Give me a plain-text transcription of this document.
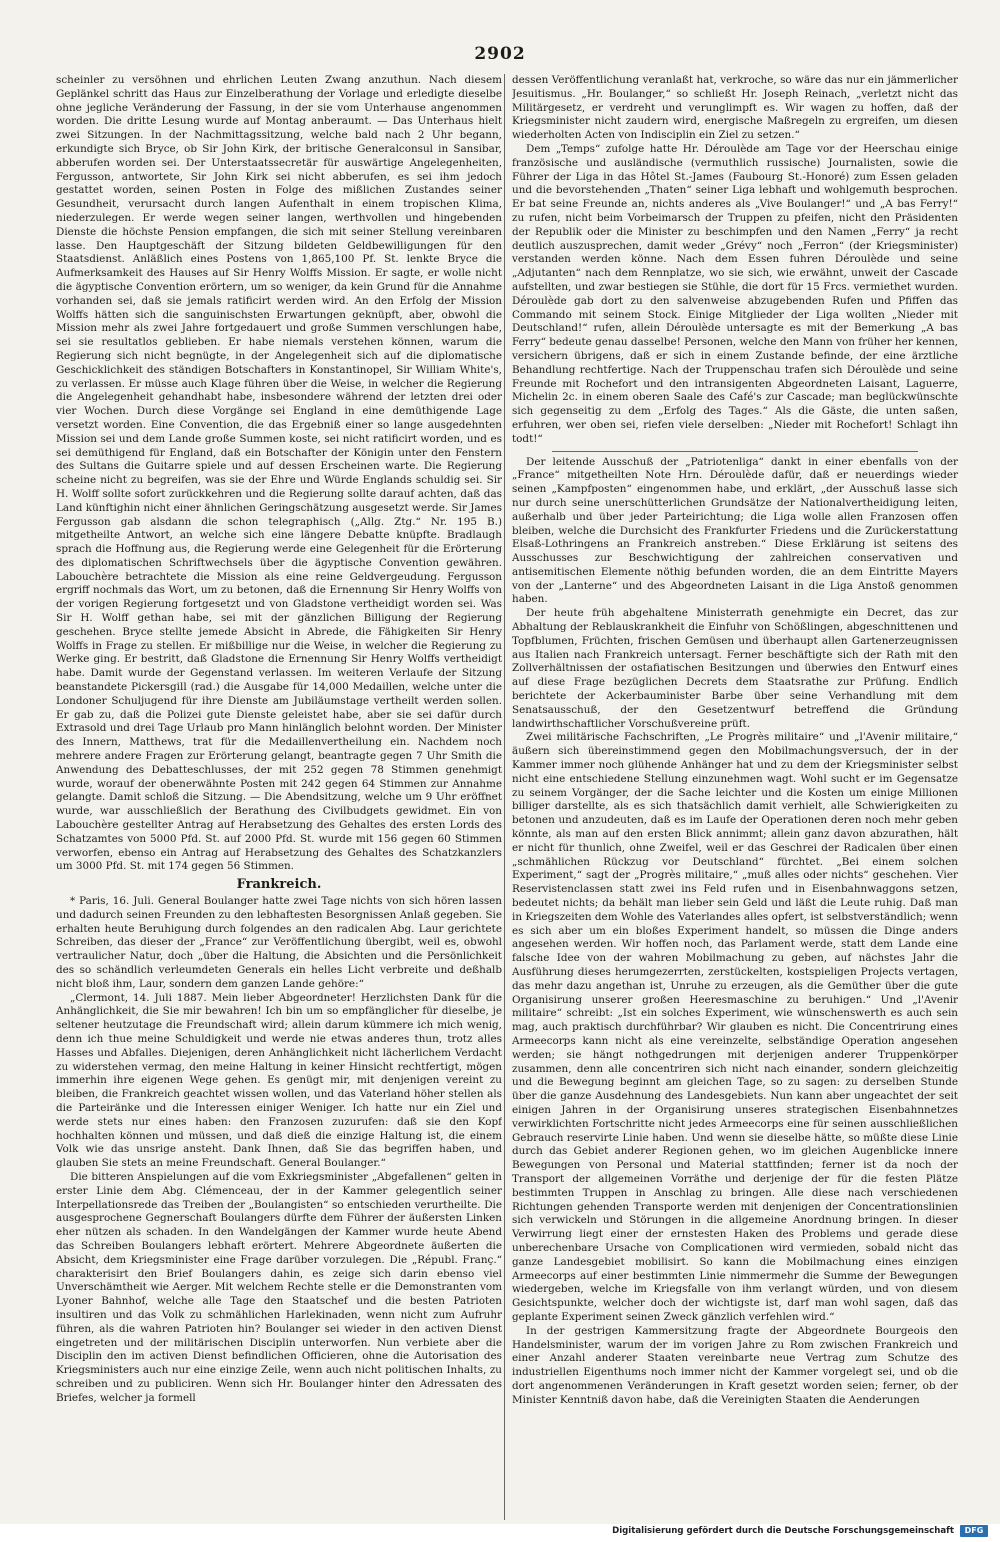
2902

scheinler zu versöhnen und ehrlichen Leuten Zwang anzuthun. Nach diesem Geplänkel schritt das Haus zur Einzelberathung der Vorlage und erledigte dieselbe ohne jegliche Veränderung der Fassung, in der sie vom Unterhause angenommen worden. Die dritte Lesung wurde auf Montag anberaumt. — Das Unterhaus hielt zwei Sitzungen. In der Nachmittagssitzung, welche bald nach 2 Uhr begann, erkundigte sich Bryce, ob Sir John Kirk, der britische Generalconsul in Sansibar, abberufen worden sei. Der Unterstaatssecretär für auswärtige Angelegenheiten, Fergusson, antwortete, Sir John Kirk sei nicht abberufen, es sei ihm jedoch gestattet worden, seinen Posten in Folge des mißlichen Zustandes seiner Gesundheit, verursacht durch langen Aufenthalt in einem tropischen Klima, niederzulegen. Er werde wegen seiner langen, werthvollen und hingebenden Dienste die höchste Pension empfangen, die sich mit seiner Stellung vereinbaren lasse. Den Hauptgeschäft der Sitzung bildeten Geldbewilligungen für den Staatsdienst. Anläßlich eines Postens von 1,865,100 Pf. St. lenkte Bryce die Aufmerksamkeit des Hauses auf Sir Henry Wolffs Mission. Er sagte, er wolle nicht die ägyptische Convention erörtern, um so weniger, da kein Grund für die Annahme vorhanden sei, daß sie jemals ratificirt werden wird. An den Erfolg der Mission Wolffs hätten sich die sanguinischsten Erwartungen geknüpft, aber, obwohl die Mission mehr als zwei Jahre fortgedauert und große Summen verschlungen habe, sei sie resultatlos geblieben. Er habe niemals verstehen können, warum die Regierung sich nicht begnügte, in der Angelegenheit sich auf die diplomatische Geschicklichkeit des ständigen Botschafters in Konstantinopel, Sir William White's, zu verlassen. Er müsse auch Klage führen über die Weise, in welcher die Regierung die Angelegenheit gehandhabt habe, insbesondere während der letzten drei oder vier Wochen. Durch diese Vorgänge sei England in eine demüthigende Lage versetzt worden. Eine Convention, die das Ergebniß einer so lange ausgedehnten Mission sei und dem Lande große Summen koste, sei nicht ratificirt worden, und es sei demüthigend für England, daß ein Botschafter der Königin unter den Fenstern des Sultans die Guitarre spiele und auf dessen Erscheinen warte. Die Regierung scheine nicht zu begreifen, was sie der Ehre und Würde Englands schuldig sei. Sir H. Wolff sollte sofort zurückkehren und die Regierung sollte darauf achten, daß das Land künftighin nicht einer ähnlichen Geringschätzung ausgesetzt werde. Sir James Fergusson gab alsdann die schon telegraphisch („Allg. Ztg.“ Nr. 195 B.) mitgetheilte Antwort, an welche sich eine längere Debatte knüpfte. Bradlaugh sprach die Hoffnung aus, die Regierung werde eine Gelegenheit für die Erörterung des diplomatischen Schriftwechsels über die ägyptische Convention gewähren. Labouchère betrachtete die Mission als eine reine Geldvergeudung. Fergusson ergriff nochmals das Wort, um zu betonen, daß die Ernennung Sir Henry Wolffs von der vorigen Regierung fortgesetzt und von Gladstone vertheidigt worden sei. Was Sir H. Wolff gethan habe, sei mit der gänzlichen Billigung der Regierung geschehen. Bryce stellte jemede Absicht in Abrede, die Fähigkeiten Sir Henry Wolffs in Frage zu stellen. Er mißbillige nur die Weise, in welcher die Regierung zu Werke ging. Er bestritt, daß Gladstone die Ernennung Sir Henry Wolffs vertheidigt habe. Damit wurde der Gegenstand verlassen. Im weiteren Verlaufe der Sitzung beanstandete Pickersgill (rad.) die Ausgabe für 14,000 Medaillen, welche unter die Londoner Schuljugend für ihre Dienste am Jubiläumstage vertheilt werden sollen. Er gab zu, daß die Polizei gute Dienste geleistet habe, aber sie sei dafür durch Extrasold und drei Tage Urlaub pro Mann hinlänglich belohnt worden. Der Minister des Innern, Matthews, trat für die Medaillenvertheilung ein. Nachdem noch mehrere andere Fragen zur Erörterung gelangt, beantragte gegen 7 Uhr Smith die Anwendung des Debatteschlusses, der mit 252 gegen 78 Stimmen genehmigt wurde, worauf der obenerwähnte Posten mit 242 gegen 64 Stimmen zur Annahme gelangte. Damit schloß die Sitzung. — Die Abendsitzung, welche um 9 Uhr eröffnet wurde, war ausschließlich der Berathung des Civilbudgets gewidmet. Ein von Labouchère gestellter Antrag auf Herabsetzung des Gehaltes des ersten Lords des Schatzamtes von 5000 Pfd. St. auf 2000 Pfd. St. wurde mit 156 gegen 60 Stimmen verworfen, ebenso ein Antrag auf Herabsetzung des Gehaltes des Schatzkanzlers um 3000 Pfd. St. mit 174 gegen 56 Stimmen.

Frankreich.

* Paris, 16. Juli. General Boulanger hatte zwei Tage nichts von sich hören lassen und dadurch seinen Freunden zu den lebhaftesten Besorgnissen Anlaß gegeben. Sie erhalten heute Beruhigung durch folgendes an den radicalen Abg. Laur gerichtete Schreiben, das dieser der „France“ zur Veröffentlichung übergibt, weil es, obwohl vertraulicher Natur, doch „über die Haltung, die Absichten und die Persönlichkeit des so schändlich verleumdeten Generals ein helles Licht verbreite und deßhalb nicht bloß ihm, Laur, sondern dem ganzen Lande gehöre:“

„Clermont, 14. Juli 1887. Mein lieber Abgeordneter! Herzlichsten Dank für die Anhänglichkeit, die Sie mir bewahren! Ich bin um so empfänglicher für dieselbe, je seltener heutzutage die Freundschaft wird; allein darum kümmere ich mich wenig, denn ich thue meine Schuldigkeit und werde nie etwas anderes thun, trotz alles Hasses und Abfalles. Diejenigen, deren Anhänglichkeit nicht lächerlichem Verdacht zu widerstehen vermag, den meine Haltung in keiner Hinsicht rechtfertigt, mögen immerhin ihre eigenen Wege gehen. Es genügt mir, mit denjenigen vereint zu bleiben, die Frankreich geachtet wissen wollen, und das Vaterland höher stellen als die Parteiränke und die Interessen einiger Weniger. Ich hatte nur ein Ziel und werde stets nur eines haben: den Franzosen zuzurufen: daß sie den Kopf hochhalten können und müssen, und daß dieß die einzige Haltung ist, die einem Volk wie das unsrige ansteht. Dank Ihnen, daß Sie das begriffen haben, und glauben Sie stets an meine Freundschaft. General Boulanger.“

Die bitteren Anspielungen auf die vom Exkriegsminister „Abgefallenen“ gelten in erster Linie dem Abg. Clémenceau, der in der Kammer gelegentlich seiner Interpellationsrede das Treiben der „Boulangisten“ so entschieden verurtheilte. Die ausgesprochene Gegnerschaft Boulangers dürfte dem Führer der äußersten Linken eher nützen als schaden. In den Wandelgängen der Kammer wurde heute Abend das Schreiben Boulangers lebhaft erörtert. Mehrere Abgeordnete äußerten die Absicht, dem Kriegsminister eine Frage darüber vorzulegen. Die „Républ. Franç.“ charakterisirt den Brief Boulangers dahin, es zeige sich darin ebenso viel Unverschämtheit wie Aerger. Mit welchem Rechte stelle er die Demonstranten vom Lyoner Bahnhof, welche alle Tage den Staatschef und die besten Patrioten insultiren und das Volk zu schmählichen Harlekinaden, wenn nicht zum Aufruhr führen, als die wahren Patrioten hin? Boulanger sei wieder in den activen Dienst eingetreten und der militärischen Disciplin unterworfen. Nun verbiete aber die Disciplin den im activen Dienst befindlichen Officieren, ohne die Autorisation des Kriegsministers auch nur eine einzige Zeile, wenn auch nicht politischen Inhalts, zu schreiben und zu publiciren. Wenn sich Hr. Boulanger hinter den Adressaten des Briefes, welcher ja formell

dessen Veröffentlichung veranlaßt hat, verkroche, so wäre das nur ein jämmerlicher Jesuitismus. „Hr. Boulanger,“ so schließt Hr. Joseph Reinach, „verletzt nicht das Militärgesetz, er verdreht und verunglimpft es. Wir wagen zu hoffen, daß der Kriegsminister nicht zaudern wird, energische Maßregeln zu ergreifen, um diesen wiederholten Acten von Indisciplin ein Ziel zu setzen.“

Dem „Temps“ zufolge hatte Hr. Déroulède am Tage vor der Heerschau einige französische und ausländische (vermuthlich russische) Journalisten, sowie die Führer der Liga in das Hôtel St.-James (Faubourg St.-Honoré) zum Essen geladen und die bevorstehenden „Thaten“ seiner Liga lebhaft und wohlgemuth besprochen. Er bat seine Freunde an, nichts anderes als „Vive Boulanger!“ und „A bas Ferry!“ zu rufen, nicht beim Vorbeimarsch der Truppen zu pfeifen, nicht den Präsidenten der Republik oder die Minister zu beschimpfen und den Namen „Ferry“ ja recht deutlich auszusprechen, damit weder „Grévy“ noch „Ferron“ (der Kriegsminister) verstanden werden könne. Nach dem Essen fuhren Déroulède und seine „Adjutanten“ nach dem Rennplatze, wo sie sich, wie erwähnt, unweit der Cascade aufstellten, und zwar bestiegen sie Stühle, die dort für 15 Frcs. vermiethet wurden. Déroulède gab dort zu den salvenweise abzugebenden Rufen und Pfiffen das Commando mit seinem Stock. Einige Mitglieder der Liga wollten „Nieder mit Deutschland!“ rufen, allein Déroulède untersagte es mit der Bemerkung „A bas Ferry“ bedeute genau dasselbe! Personen, welche den Mann von früher her kennen, versichern übrigens, daß er sich in einem Zustande befinde, der eine ärztliche Behandlung rechtfertige. Nach der Truppenschau trafen sich Déroulède und seine Freunde mit Rochefort und den intransigenten Abgeordneten Laisant, Laguerre, Michelin 2c. in einem oberen Saale des Café's zur Cascade; man beglückwünschte sich gegenseitig zu dem „Erfolg des Tages.“ Als die Gäste, die unten saßen, erfuhren, wer oben sei, riefen viele derselben: „Nieder mit Rochefort! Schlagt ihn todt!“

Der leitende Ausschuß der „Patriotenliga“ dankt in einer ebenfalls von der „France“ mitgetheilten Note Hrn. Déroulède dafür, daß er neuerdings wieder seinen „Kampfposten“ eingenommen habe, und erklärt, „der Ausschuß lasse sich nur durch seine unerschütterlichen Grundsätze der Nationalvertheidigung leiten, außerhalb und über jeder Parteirichtung; die Liga wolle allen Franzosen offen bleiben, welche die Durchsicht des Frankfurter Friedens und die Zurückerstattung Elsaß-Lothringens an Frankreich anstreben.“ Diese Erklärung ist seitens des Ausschusses zur Beschwichtigung der zahlreichen conservativen und antisemitischen Elemente nöthig befunden worden, die an dem Eintritte Mayers von der „Lanterne“ und des Abgeordneten Laisant in die Liga Anstoß genommen haben.

Der heute früh abgehaltene Ministerrath genehmigte ein Decret, das zur Abhaltung der Reblauskrankheit die Einfuhr von Schößlingen, abgeschnittenen und Topfblumen, Früchten, frischen Gemüsen und überhaupt allen Gartenerzeugnissen aus Italien nach Frankreich untersagt. Ferner beschäftigte sich der Rath mit den Zollverhältnissen der ostafiatischen Besitzungen und überwies den Entwurf eines auf diese Frage bezüglichen Decrets dem Staatsrathe zur Prüfung. Endlich berichtete der Ackerbauminister Barbe über seine Verhandlung mit dem Senatsausschuß, der den Gesetzentwurf betreffend die Gründung landwirthschaftlicher Vorschußvereine prüft.

Zwei militärische Fachschriften, „Le Progrès militaire“ und „l'Avenir militaire,“ äußern sich übereinstimmend gegen den Mobilmachungsversuch, der in der Kammer immer noch glühende Anhänger hat und zu dem der Kriegsminister selbst nicht eine entschiedene Stellung einzunehmen wagt. Wohl sucht er im Gegensatze zu seinem Vorgänger, der die Sache leichter und die Kosten um einige Millionen billiger darstellte, als es sich thatsächlich damit verhielt, alle Schwierigkeiten zu betonen und anzudeuten, daß es im Laufe der Operationen deren noch mehr geben könnte, als man auf den ersten Blick annimmt; allein ganz davon abzurathen, hält er nicht für thunlich, ohne Zweifel, weil er das Geschrei der Radicalen über einen „schmählichen Rückzug vor Deutschland“ fürchtet. „Bei einem solchen Experiment,“ sagt der „Progrès militaire,“ „muß alles oder nichts“ geschehen. Vier Reservistenclassen statt zwei ins Feld rufen und in Eisenbahnwaggons setzen, bedeutet nichts; da behält man lieber sein Geld und läßt die Leute ruhig. Daß man in Kriegszeiten dem Wohle des Vaterlandes alles opfert, ist selbstverständlich; wenn es sich aber um ein bloßes Experiment handelt, so müssen die Dinge anders angesehen werden. Wir hoffen noch, das Parlament werde, statt dem Lande eine falsche Idee von der wahren Mobilmachung zu geben, auf nächstes Jahr die Ausführung dieses herumgezerrten, zerstückelten, kostspieligen Projects vertagen, das mehr dazu angethan ist, Unruhe zu erzeugen, als die Gemüther über die gute Organisirung unserer großen Heeresmaschine zu beruhigen.“ Und „l'Avenir militaire“ schreibt: „Ist ein solches Experiment, wie wünschenswerth es auch sein mag, auch praktisch durchführbar? Wir glauben es nicht. Die Concentrirung eines Armeecorps kann nicht als eine vereinzelte, selbständige Operation angesehen werden; sie hängt nothgedrungen mit derjenigen anderer Truppenkörper zusammen, denn alle concentriren sich nicht nach einander, sondern gleichzeitig und die Bewegung beginnt am gleichen Tage, so zu sagen: zu derselben Stunde über die ganze Ausdehnung des Landesgebiets. Nun kann aber ungeachtet der seit einigen Jahren in der Organisirung unseres strategischen Eisenbahnnetzes verwirklichten Fortschritte nicht jedes Armeecorps eine für seinen ausschließlichen Gebrauch reservirte Linie haben. Und wenn sie dieselbe hätte, so müßte diese Linie durch das Gebiet anderer Regionen gehen, wo im gleichen Augenblicke innere Bewegungen von Personal und Material stattfinden; ferner ist da noch der Transport der allgemeinen Vorräthe und derjenige der für die festen Plätze bestimmten Truppen in Anschlag zu bringen. Alle diese nach verschiedenen Richtungen gehenden Transporte werden mit denjenigen der Concentrationslinien sich verwickeln und Störungen in die allgemeine Anordnung bringen. In dieser Verwirrung liegt einer der ernstesten Haken des Problems und gerade diese unberechenbare Ursache von Complicationen wird vermieden, sobald nicht das ganze Landesgebiet mobilisirt. So kann die Mobilmachung eines einzigen Armeecorps auf einer bestimmten Linie nimmermehr die Summe der Bewegungen wiedergeben, welche im Kriegsfalle von ihm verlangt würden, und von diesem Gesichtspunkte, welcher doch der wichtigste ist, darf man wohl sagen, daß das geplante Experiment seinen Zweck gänzlich verfehlen wird.“

In der gestrigen Kammersitzung fragte der Abgeordnete Bourgeois den Handelsminister, warum der im vorigen Jahre zu Rom zwischen Frankreich und einer Anzahl anderer Staaten vereinbarte neue Vertrag zum Schutze des industriellen Eigenthums noch immer nicht der Kammer vorgelegt sei, und ob die dort angenommenen Veränderungen in Kraft gesetzt worden seien; ferner, ob der Minister Kenntniß davon habe, daß die Vereinigten Staaten die Aenderungen

Digitalisierung gefördert durch die Deutsche Forschungsgemeinschaft	DFG
